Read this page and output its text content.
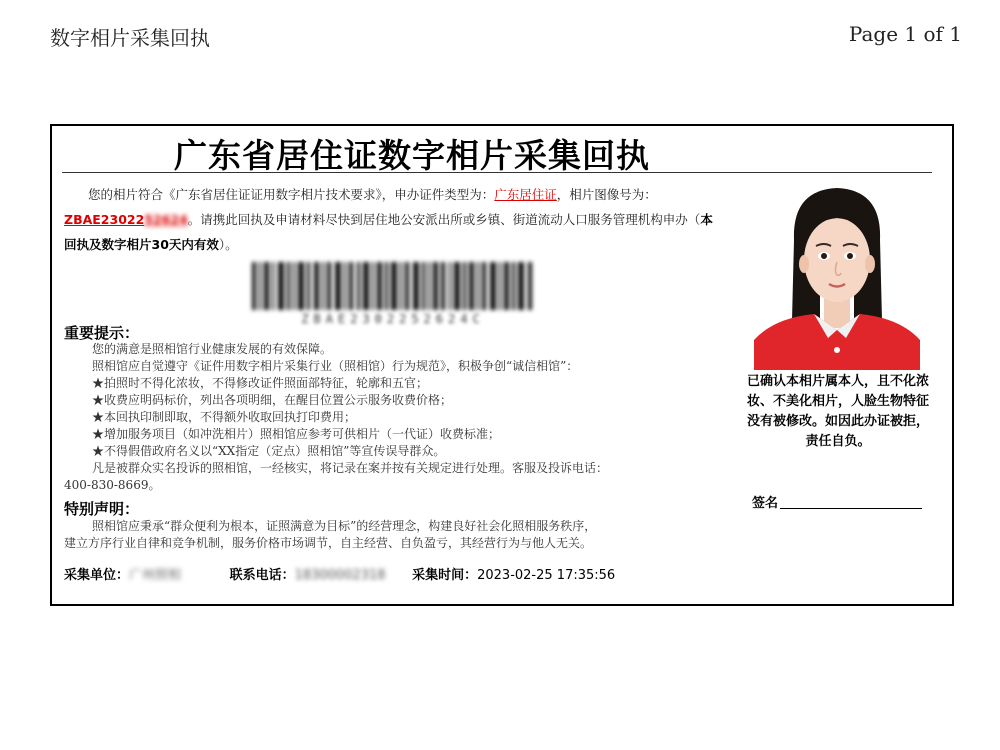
数字相片采集回执	Page 1 of 1
广东省居住证数字相片采集回执
您的相片符合《广东省居住证证用数字相片技术要求》，申办证件类型为：广东居住证，相片图像号为：ZBAE2302252624。请携此回执及申请材料尽快到居住地公安派出所或乡镇、街道流动人口服务管理机构申办（本回执及数字相片30天内有效）。
ZBAE2302252624C
重要提示：
您的满意是照相馆行业健康发展的有效保障。
照相馆应自觉遵守《证件用数字相片采集行业（照相馆）行为规范》，积极争创“诚信相馆”：
★拍照时不得化浓妆，不得修改证件照面部特征，轮廓和五官；
★收费应明码标价，列出各项明细，在醒目位置公示服务收费价格；
★本回执印制即取，不得额外收取回执打印费用；
★增加服务项目（如冲洗相片）照相馆应参考可供相片（一代证）收费标准；
★不得假借政府名义以“XX指定（定点）照相馆”等宣传误导群众。
凡是被群众实名投诉的照相馆，一经核实，将记录在案并按有关规定进行处理。客服及投诉电话：
400-830-8669。
特别声明：
照相馆应秉承“群众便利为根本，证照满意为目标”的经营理念，构建良好社会化照相服务秩序，
建立方序行业自律和竞争机制，服务价格市场调节，自主经营、自负盈亏，其经营行为与他人无关。
采集单位：广州照相	联系电话：18300002318 采集时间：2023-02-25 17:35:56
已确认本相片属本人，且不化浓
妆、不美化相片，人脸生物特征
没有被修改。如因此办证被拒，
责任自负。
签名
